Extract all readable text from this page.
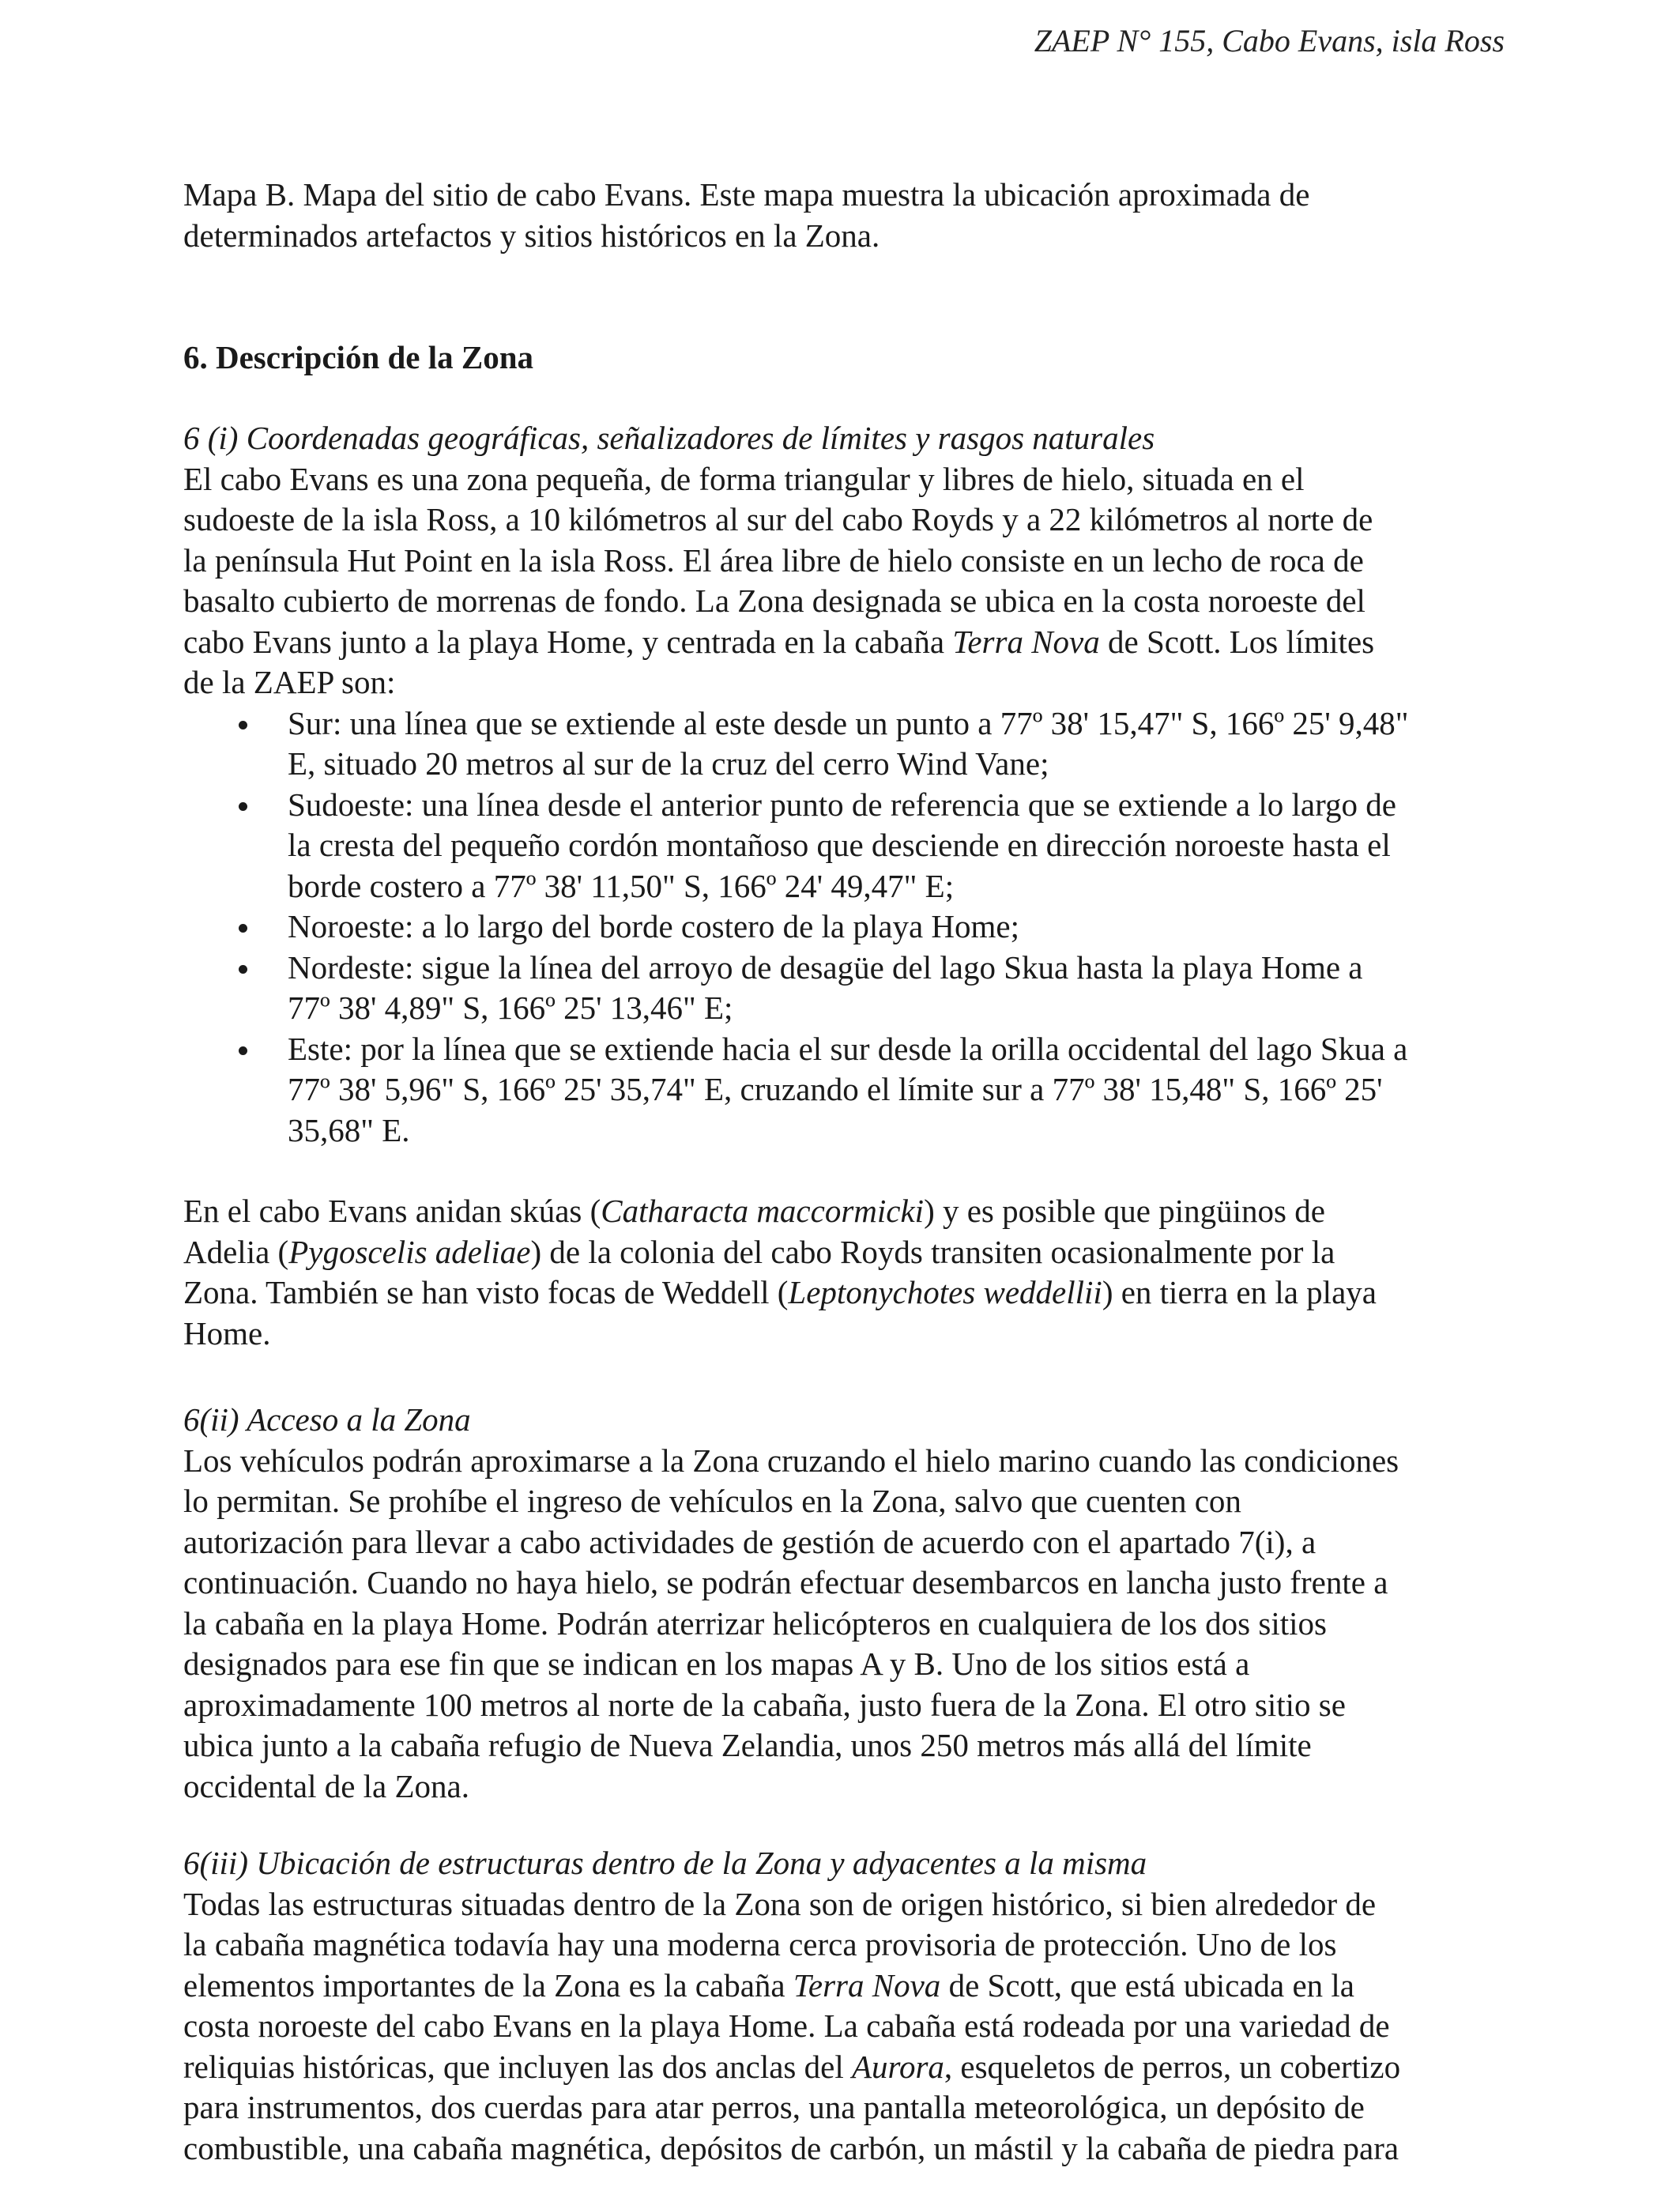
ZAEP N° 155, Cabo Evans, isla Ross

Mapa B. Mapa del sitio de cabo Evans. Este mapa muestra la ubicación aproximada de

determinados artefactos y sitios históricos en la Zona.

6. Descripción de la Zona

6 (i) Coordenadas geográficas, señalizadores de límites y rasgos naturales

El cabo Evans es una zona pequeña, de forma triangular y libres de hielo, situada en el

sudoeste de la isla Ross, a 10 kilómetros al sur del cabo Royds y a 22 kilómetros al norte de

la península Hut Point en la isla Ross. El área libre de hielo consiste en un lecho de roca de

basalto cubierto de morrenas de fondo. La Zona designada se ubica en la costa noroeste del

cabo Evans junto a la playa Home, y centrada en la cabaña Terra Nova de Scott. Los límites

de la ZAEP son:

Sur: una línea que se extiende al este desde un punto a 77º 38' 15,47" S, 166º 25' 9,48"
E, situado 20 metros al sur de la cruz del cerro Wind Vane;
Sudoeste: una línea desde el anterior punto de referencia que se extiende a lo largo de
la cresta del pequeño cordón montañoso que desciende en dirección noroeste hasta el
borde costero a 77º 38' 11,50" S, 166º 24' 49,47" E;
Noroeste: a lo largo del borde costero de la playa Home;
Nordeste: sigue la línea del arroyo de desagüe del lago Skua hasta la playa Home a
77º 38' 4,89" S, 166º 25' 13,46" E;
Este: por la línea que se extiende hacia el sur desde la orilla occidental del lago Skua a
77º 38' 5,96" S, 166º 25' 35,74" E, cruzando el límite sur a 77º 38' 15,48" S, 166º 25'
35,68" E.

En el cabo Evans anidan skúas (Catharacta maccormicki) y es posible que pingüinos de

Adelia (Pygoscelis adeliae) de la colonia del cabo Royds transiten ocasionalmente por la

Zona. También se han visto focas de Weddell (Leptonychotes weddellii) en tierra en la playa

Home.

6(ii) Acceso a la Zona

Los vehículos podrán aproximarse a la Zona cruzando el hielo marino cuando las condiciones

lo permitan. Se prohíbe el ingreso de vehículos en la Zona, salvo que cuenten con

autorización para llevar a cabo actividades de gestión de acuerdo con el apartado 7(i), a

continuación. Cuando no haya hielo, se podrán efectuar desembarcos en lancha justo frente a

la cabaña en la playa Home. Podrán aterrizar helicópteros en cualquiera de los dos sitios

designados para ese fin que se indican en los mapas A y B. Uno de los sitios está a

aproximadamente 100 metros al norte de la cabaña, justo fuera de la Zona. El otro sitio se

ubica junto a la cabaña refugio de Nueva Zelandia, unos 250 metros más allá del límite

occidental de la Zona.

6(iii) Ubicación de estructuras dentro de la Zona y adyacentes a la misma

Todas las estructuras situadas dentro de la Zona son de origen histórico, si bien alrededor de

la cabaña magnética todavía hay una moderna cerca provisoria de protección. Uno de los

elementos importantes de la Zona es la cabaña Terra Nova de Scott, que está ubicada en la

costa noroeste del cabo Evans en la playa Home. La cabaña está rodeada por una variedad de

reliquias históricas, que incluyen las dos anclas del Aurora, esqueletos de perros, un cobertizo

para instrumentos, dos cuerdas para atar perros, una pantalla meteorológica, un depósito de

combustible, una cabaña magnética, depósitos de carbón, un mástil y la cabaña de piedra para
